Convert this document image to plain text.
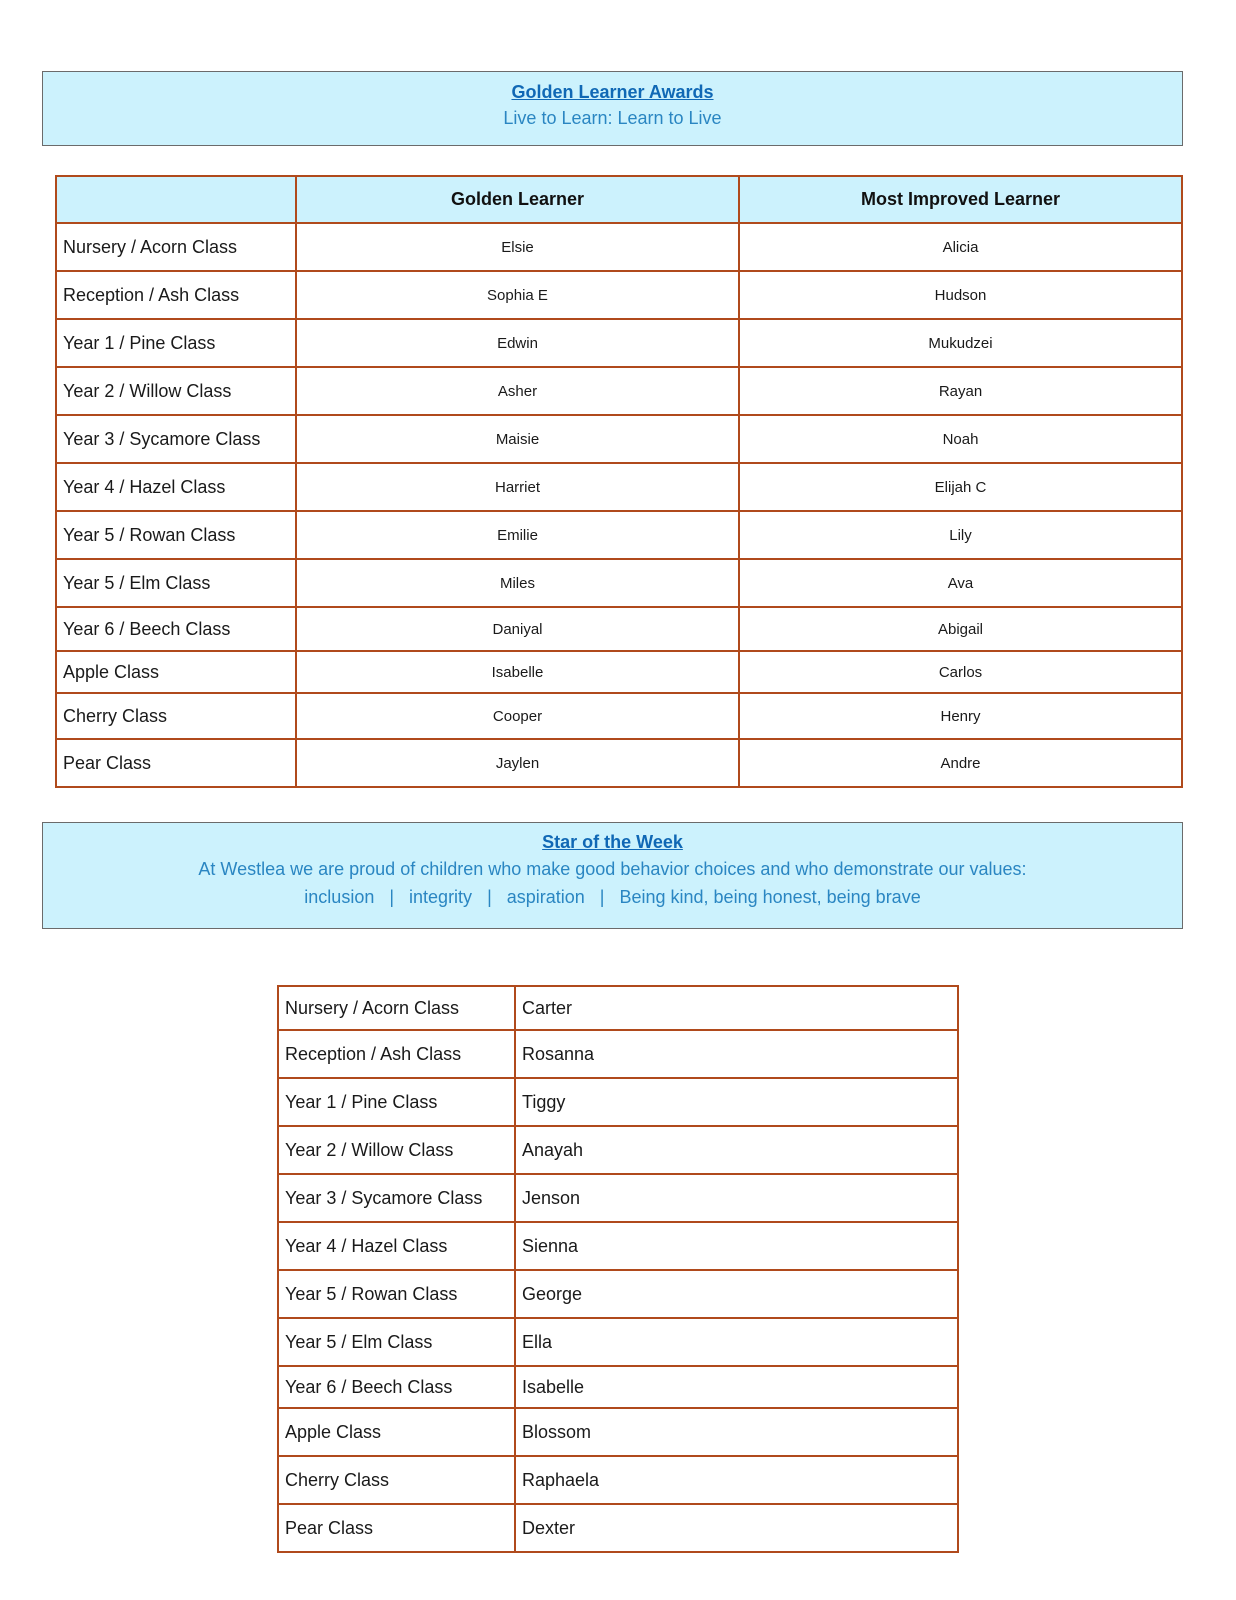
Golden Learner Awards
Live to Learn: Learn to Live
	Golden Learner	Most Improved Learner
Nursery / Acorn Class	Elsie	Alicia
Reception / Ash Class	Sophia E	Hudson
Year 1 / Pine Class	Edwin	Mukudzei
Year 2 / Willow Class	Asher	Rayan
Year 3 / Sycamore Class	Maisie	Noah
Year 4 / Hazel Class	Harriet	Elijah C
Year 5 / Rowan Class	Emilie	Lily
Year 5 / Elm Class	Miles	Ava
Year 6 / Beech Class	Daniyal	Abigail
Apple Class	Isabelle	Carlos
Cherry Class	Cooper	Henry
Pear Class	Jaylen	Andre
Star of the Week
At Westlea we are proud of children who make good behavior choices and who demonstrate our values:
inclusion | integrity | aspiration | Being kind, being honest, being brave
Nursery / Acorn Class	Carter
Reception / Ash Class	Rosanna
Year 1 / Pine Class	Tiggy
Year 2 / Willow Class	Anayah
Year 3 / Sycamore Class	Jenson
Year 4 / Hazel Class	Sienna
Year 5 / Rowan Class	George
Year 5 / Elm Class	Ella
Year 6 / Beech Class	Isabelle
Apple Class	Blossom
Cherry Class	Raphaela
Pear Class	Dexter
